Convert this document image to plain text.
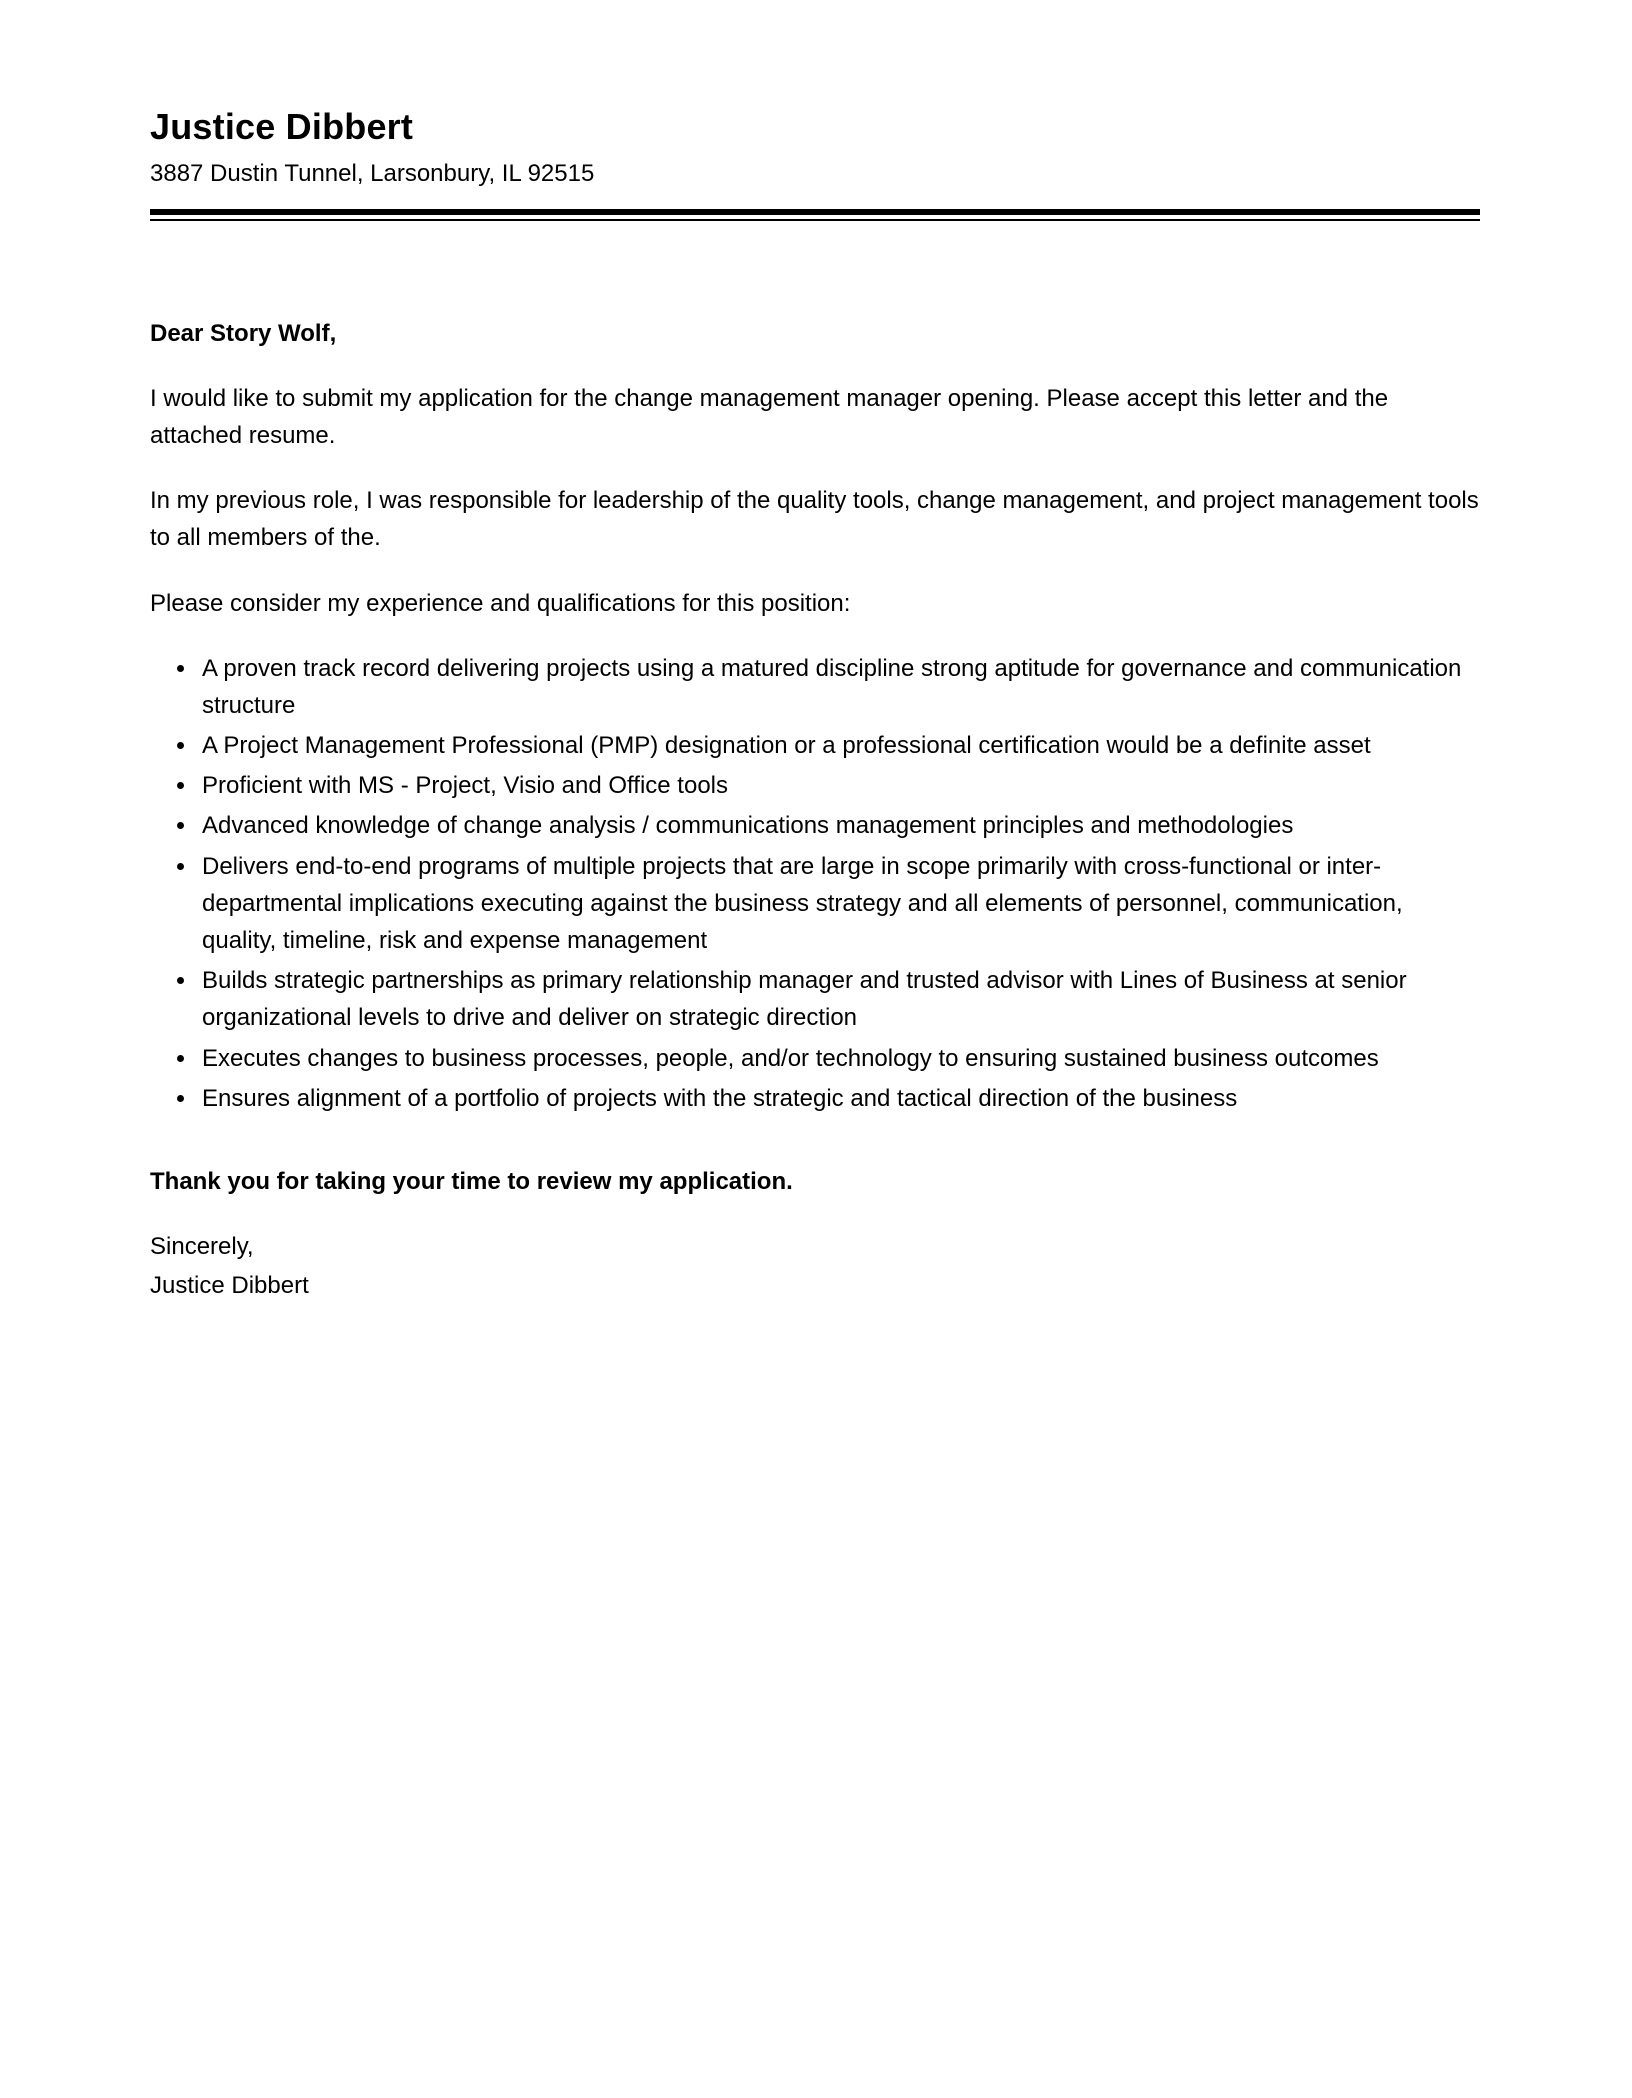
Justice Dibbert
3887 Dustin Tunnel, Larsonbury, IL 92515

Dear Story Wolf,

I would like to submit my application for the change management manager opening. Please accept this letter and the attached resume.

In my previous role, I was responsible for leadership of the quality tools, change management, and project management tools to all members of the.

Please consider my experience and qualifications for this position:

• A proven track record delivering projects using a matured discipline strong aptitude for governance and communication structure
• A Project Management Professional (PMP) designation or a professional certification would be a definite asset
• Proficient with MS - Project, Visio and Office tools
• Advanced knowledge of change analysis / communications management principles and methodologies
• Delivers end-to-end programs of multiple projects that are large in scope primarily with cross-functional or inter-departmental implications executing against the business strategy and all elements of personnel, communication, quality, timeline, risk and expense management
• Builds strategic partnerships as primary relationship manager and trusted advisor with Lines of Business at senior organizational levels to drive and deliver on strategic direction
• Executes changes to business processes, people, and/or technology to ensuring sustained business outcomes
• Ensures alignment of a portfolio of projects with the strategic and tactical direction of the business

Thank you for taking your time to review my application.

Sincerely,

Justice Dibbert
